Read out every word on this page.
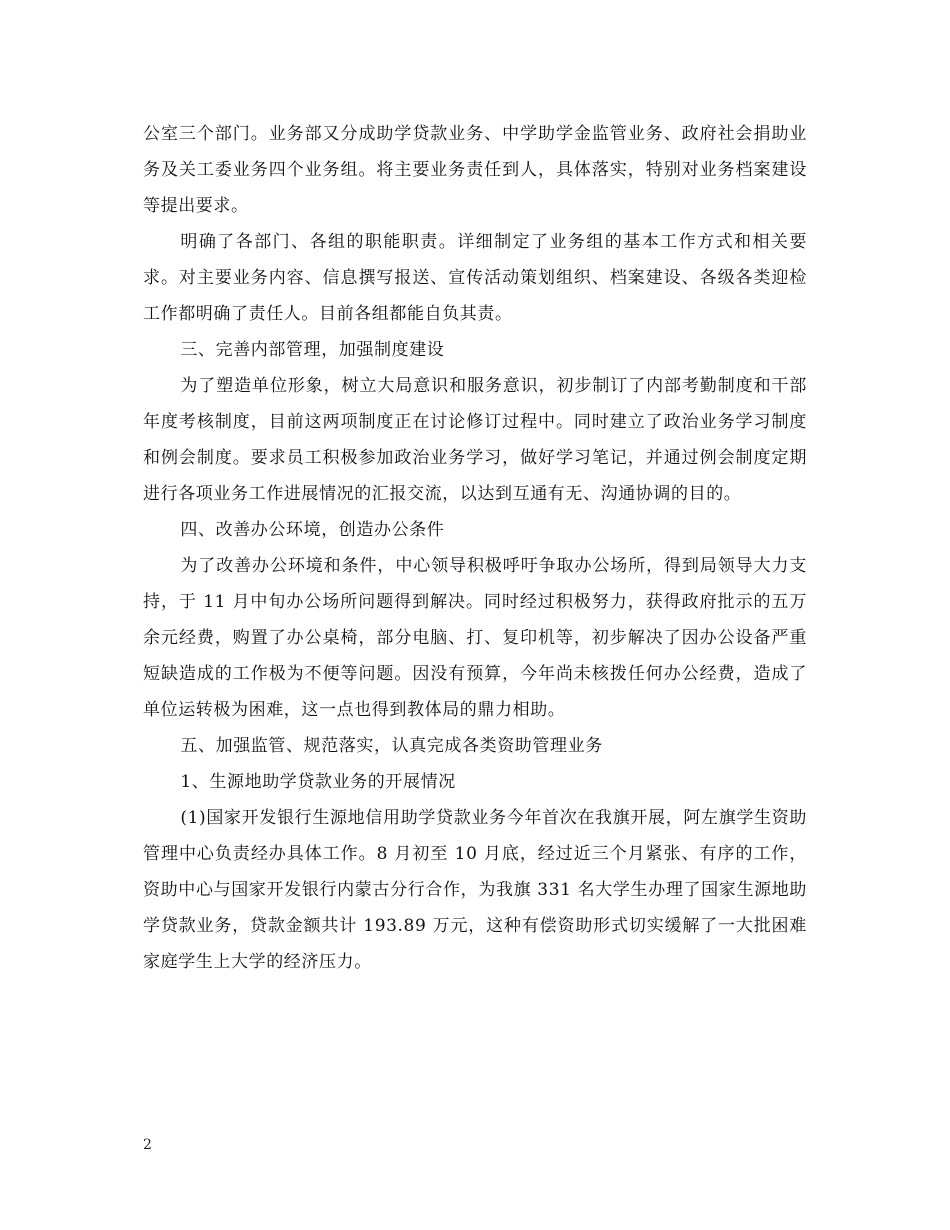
公室三个部门。业务部又分成助学贷款业务、中学助学金监管业务、政府社会捐助业务及关工委业务四个业务组。将主要业务责任到人，具体落实，特别对业务档案建设等提出要求。

明确了各部门、各组的职能职责。详细制定了业务组的基本工作方式和相关要求。对主要业务内容、信息撰写报送、宣传活动策划组织、档案建设、各级各类迎检工作都明确了责任人。目前各组都能自负其责。

三、完善内部管理，加强制度建设

为了塑造单位形象，树立大局意识和服务意识，初步制订了内部考勤制度和干部年度考核制度，目前这两项制度正在讨论修订过程中。同时建立了政治业务学习制度和例会制度。要求员工积极参加政治业务学习，做好学习笔记，并通过例会制度定期进行各项业务工作进展情况的汇报交流，以达到互通有无、沟通协调的目的。

四、改善办公环境，创造办公条件

为了改善办公环境和条件，中心领导积极呼吁争取办公场所，得到局领导大力支持，于 11 月中旬办公场所问题得到解决。同时经过积极努力，获得政府批示的五万余元经费，购置了办公桌椅，部分电脑、打、复印机等，初步解决了因办公设备严重短缺造成的工作极为不便等问题。因没有预算，今年尚未核拨任何办公经费，造成了单位运转极为困难，这一点也得到教体局的鼎力相助。

五、加强监管、规范落实，认真完成各类资助管理业务

1、生源地助学贷款业务的开展情况

(1)国家开发银行生源地信用助学贷款业务今年首次在我旗开展，阿左旗学生资助管理中心负责经办具体工作。8 月初至 10 月底，经过近三个月紧张、有序的工作，资助中心与国家开发银行内蒙古分行合作，为我旗 331 名大学生办理了国家生源地助学贷款业务，贷款金额共计 193.89 万元，这种有偿资助形式切实缓解了一大批困难家庭学生上大学的经济压力。

2
